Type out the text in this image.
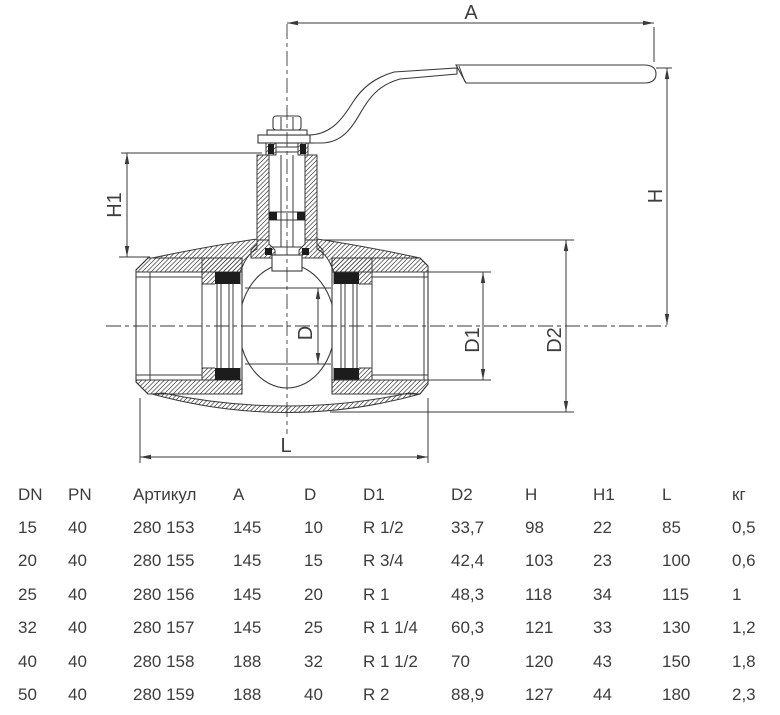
A
H
H1
D	D1	D2
L
DN	PN	Артикул	A	D	D1	D2	H	H1	L	кг
15	40	280 153	145	10	R 1/2	33,7	98	22	85	0,5
20	40	280 155	145	15	R 3/4	42,4	103	23	100	0,6
25	40	280 156	145	20	R 1	48,3	118	34	115	1
32	40	280 157	145	25	R 1 1/4	60,3	121	33	130	1,2
40	40	280 158	188	32	R 1 1/2	70	120	43	150	1,8
50	40	280 159	188	40	R 2	88,9	127	44	180	2,3
